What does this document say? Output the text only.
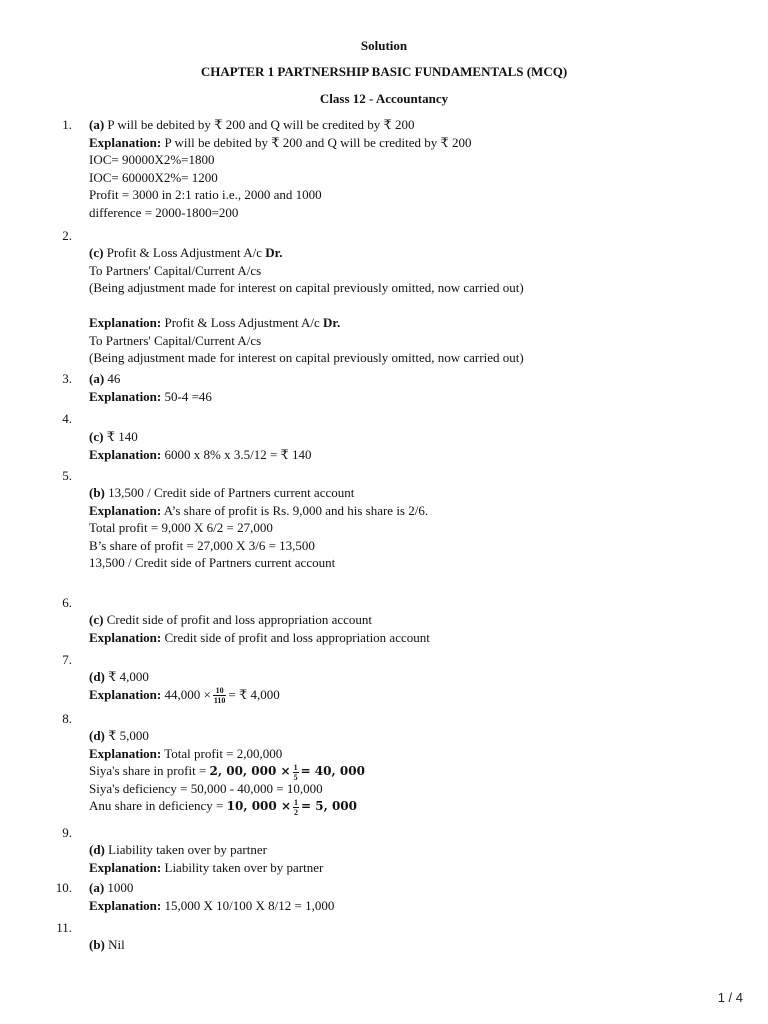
Solution
CHAPTER 1 PARTNERSHIP BASIC FUNDAMENTALS (MCQ)
Class 12 - Accountancy
1. (a) P will be debited by ₹ 200 and Q will be credited by ₹ 200
Explanation: P will be debited by ₹ 200 and Q will be credited by ₹ 200
IOC= 90000X2%=1800
IOC= 60000X2%= 1200
Profit = 3000 in 2:1 ratio i.e., 2000 and 1000
difference = 2000-1800=200
2.
(c) Profit & Loss Adjustment A/c Dr.
To Partners' Capital/Current A/cs
(Being adjustment made for interest on capital previously omitted, now carried out)
Explanation: Profit & Loss Adjustment A/c Dr.
To Partners' Capital/Current A/cs
(Being adjustment made for interest on capital previously omitted, now carried out)
3. (a) 46
Explanation: 50-4 =46
4.
(c) ₹ 140
Explanation: 6000 x 8% x 3.5/12 = ₹ 140
5.
(b) 13,500 / Credit side of Partners current account
Explanation: A’s share of profit is Rs. 9,000 and his share is 2/6.
Total profit = 9,000 X 6/2 = 27,000
B’s share of profit = 27,000 X 3/6 = 13,500
13,500 / Credit side of Partners current account
6.
(c) Credit side of profit and loss appropriation account
Explanation: Credit side of profit and loss appropriation account
7.
(d) ₹ 4,000
Explanation: $44,000 \times \frac{10}{110}$ = ₹ 4,000
8.
(d) ₹ 5,000
Explanation: Total profit = 2,00,000
Siya's share in profit = 2, 00, $000 \times \frac{1}{5} = 40$, 000
Siya's deficiency = 50,000 - 40,000 = 10,000
Anu share in deficiency = 10, $000 \times \frac{1}{2} = 5$, 000
9.
(d) Liability taken over by partner
Explanation: Liability taken over by partner
10. (a) 1000
Explanation: 15,000 X 10/100 X 8/12 = 1,000
11.
(b) Nil
1 / 4
